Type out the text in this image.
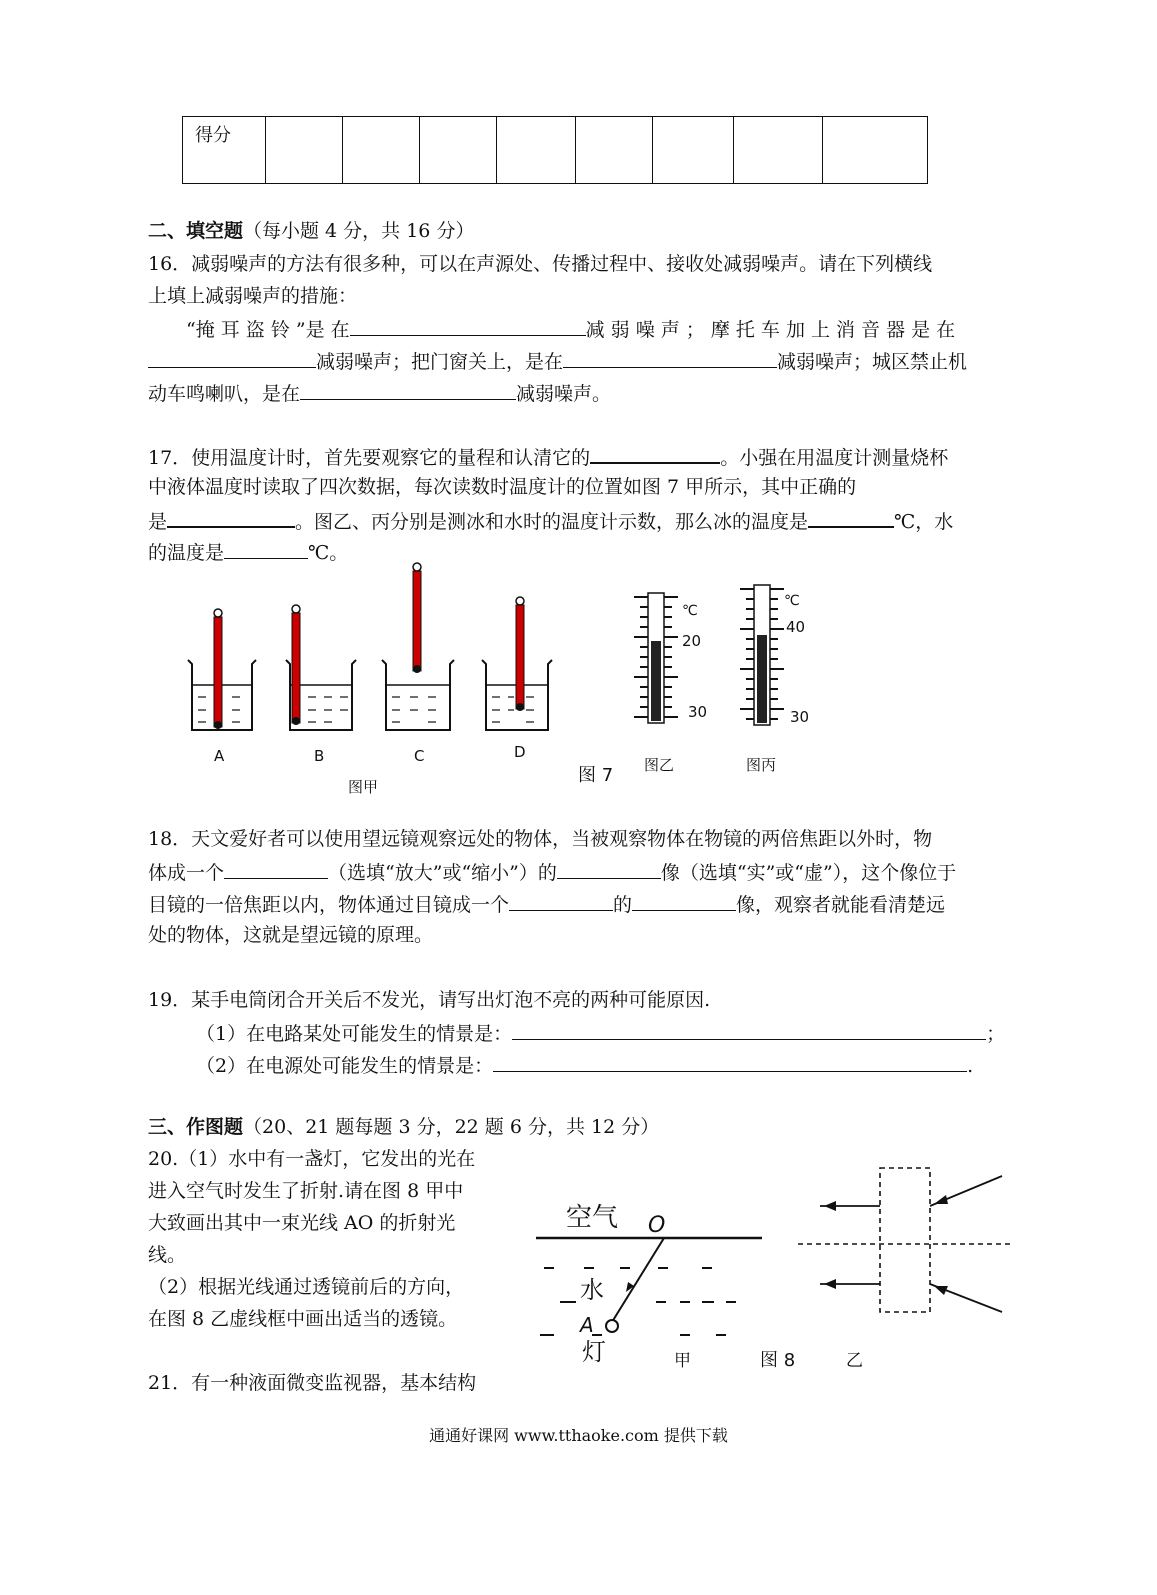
得分								
二、填空题（每小题 4 分，共 16 分）
16．减弱噪声的方法有很多种，可以在声源处、传播过程中、接收处减弱噪声。请在下列横线
上填上减弱噪声的措施：
“掩 耳 盗 铃 ”是 在	减 弱 噪 声 ； 摩 托 车 加 上 消 音 器 是 在
减弱噪声；把门窗关上，是在	减弱噪声；城区禁止机
动车鸣喇叭，是在	减弱噪声。
17．使用温度计时，首先要观察它的量程和认清它的	。小强在用温度计测量烧杯
中液体温度时读取了四次数据，每次读数时温度计的位置如图 7 甲所示，其中正确的
是	。图乙、丙分别是测冰和水时的温度计示数，那么冰的温度是	℃，水
的温度是	℃。
A	B	C	D
图甲
图 7
℃
20
30
图乙
℃
40
30
图丙
18．天文爱好者可以使用望远镜观察远处的物体，当被观察物体在物镜的两倍焦距以外时，物
体成一个	（选填“放大”或“缩小”）的	像（选填“实”或“虚”），这个像位于
目镜的一倍焦距以内，物体通过目镜成一个	的	像，观察者就能看清楚远
处的物体，这就是望远镜的原理。
19．某手电筒闭合开关后不发光，请写出灯泡不亮的两种可能原因.
（1）在电路某处可能发生的情景是：	；
（2）在电源处可能发生的情景是：	.
三、作图题（20、21 题每题 3 分，22 题 6 分，共 12 分）
20.（1）水中有一盏灯，它发出的光在
进入空气时发生了折射.请在图 8 甲中
大致画出其中一束光线 AO 的折射光
线。
（2）根据光线通过透镜前后的方向，
在图 8 乙虚线框中画出适当的透镜。
空气 O
水
A
灯	甲	图 8	乙
21．有一种液面微变监视器，基本结构
通通好课网 www.tthaoke.com 提供下载
